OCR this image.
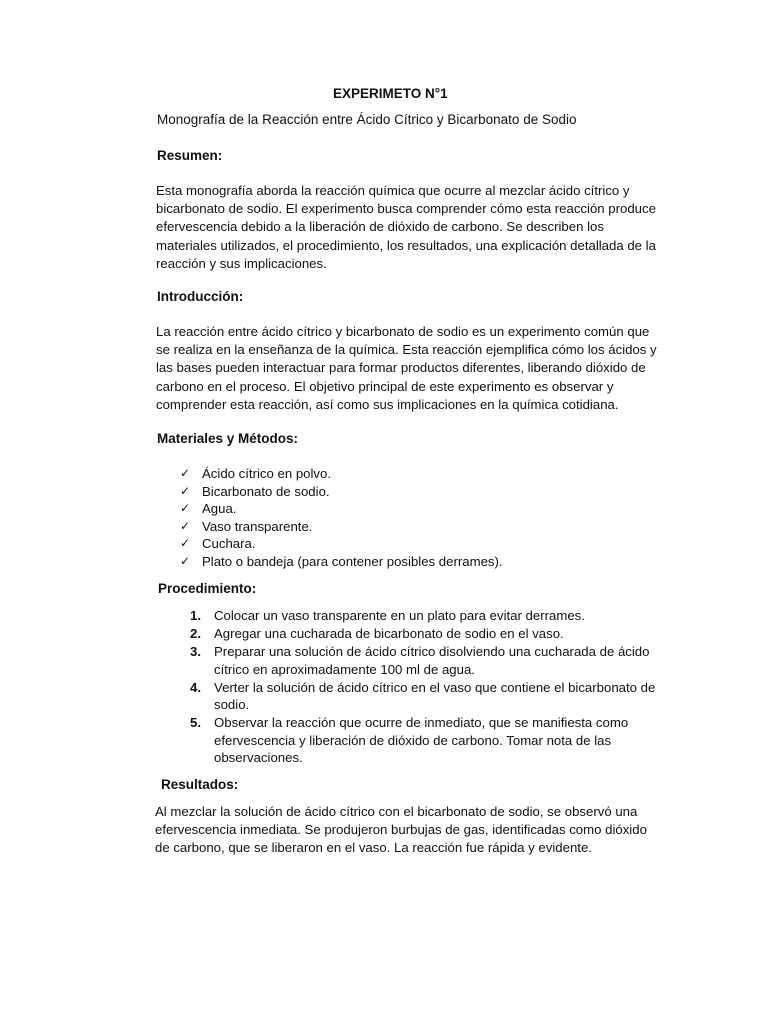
EXPERIMETO N°1
Monografía de la Reacción entre Ácido Cítrico y Bicarbonato de Sodio
Resumen:
Esta monografía aborda la reacción química que ocurre al mezclar ácido cítrico y bicarbonato de sodio. El experimento busca comprender cómo esta reacción produce efervescencia debido a la liberación de dióxido de carbono. Se describen los materiales utilizados, el procedimiento, los resultados, una explicación detallada de la reacción y sus implicaciones.
Introducción:
La reacción entre ácido cítrico y bicarbonato de sodio es un experimento común que se realiza en la enseñanza de la química. Esta reacción ejemplifica cómo los ácidos y las bases pueden interactuar para formar productos diferentes, liberando dióxido de carbono en el proceso. El objetivo principal de este experimento es observar y comprender esta reacción, así como sus implicaciones en la química cotidiana.
Materiales y Métodos:
✓ Ácido cítrico en polvo.
✓ Bicarbonato de sodio.
✓ Agua.
✓ Vaso transparente.
✓ Cuchara.
✓ Plato o bandeja (para contener posibles derrames).
Procedimiento:
1. Colocar un vaso transparente en un plato para evitar derrames.
2. Agregar una cucharada de bicarbonato de sodio en el vaso.
3. Preparar una solución de ácido cítrico disolviendo una cucharada de ácido cítrico en aproximadamente 100 ml de agua.
4. Verter la solución de ácido cítrico en el vaso que contiene el bicarbonato de sodio.
5. Observar la reacción que ocurre de inmediato, que se manifiesta como efervescencia y liberación de dióxido de carbono. Tomar nota de las observaciones.
Resultados:
Al mezclar la solución de ácido cítrico con el bicarbonato de sodio, se observó una efervescencia inmediata. Se produjeron burbujas de gas, identificadas como dióxido de carbono, que se liberaron en el vaso. La reacción fue rápida y evidente.
